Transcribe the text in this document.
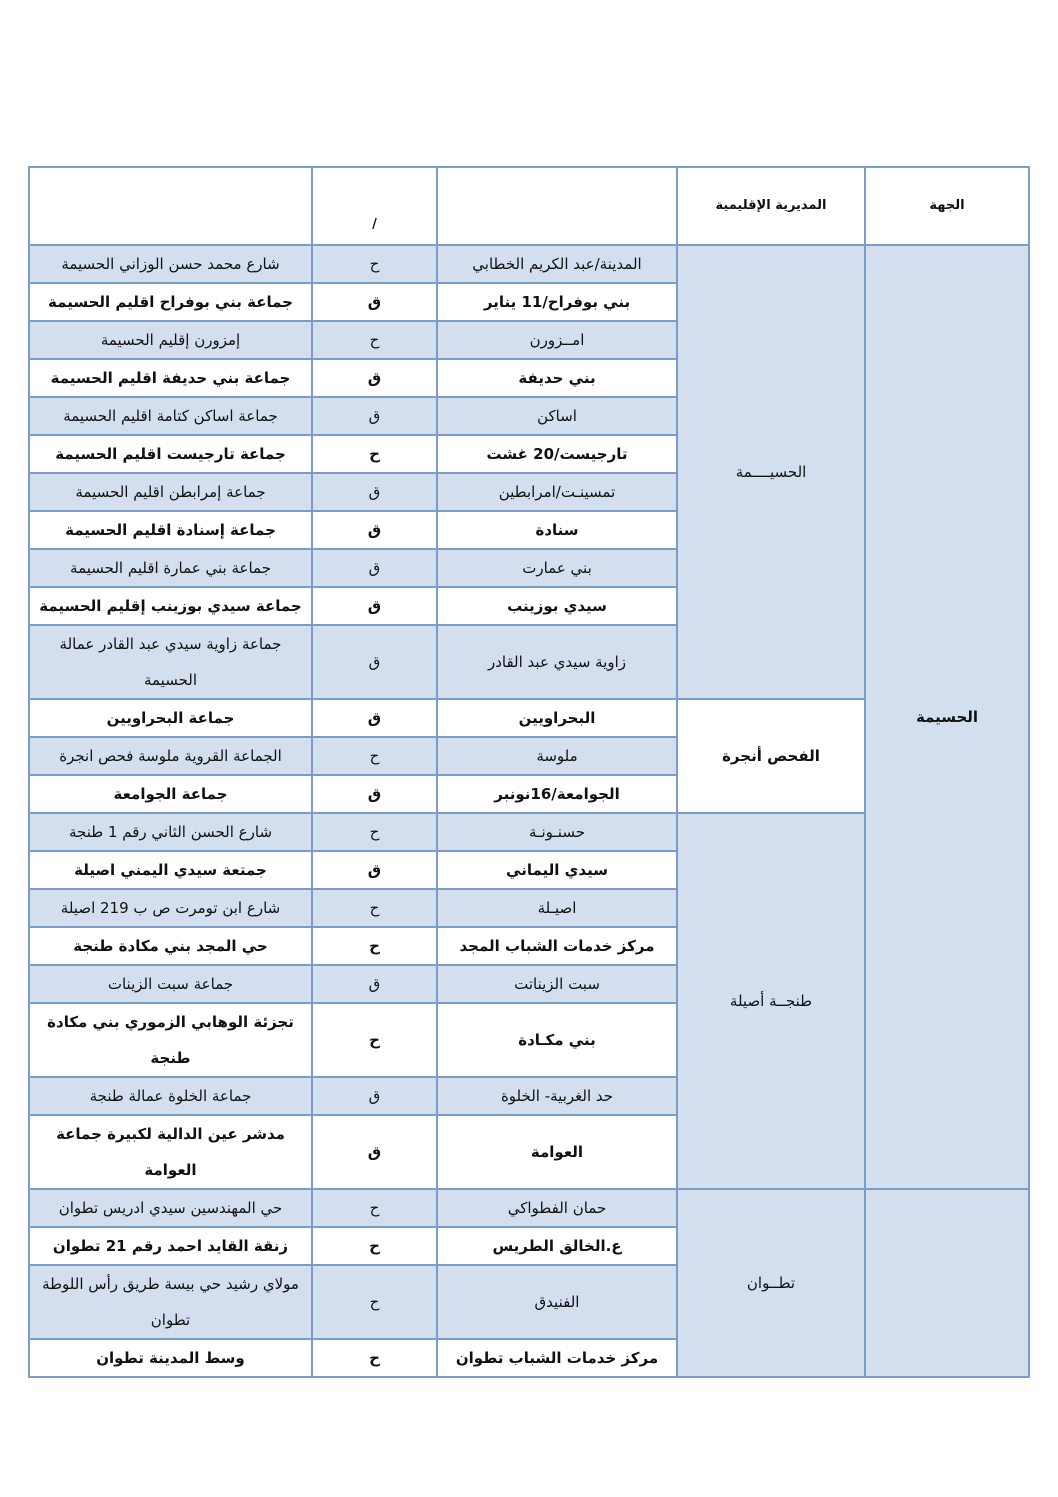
الجهة	المديرية الإقليمية		/	
الحسيمة	الحسيــــمة	المدينة/عبد الكريم الخطابي	ح	شارع محمد حسن الوزاني الحسيمة
		بني بوفراح/11 يناير	ق	جماعة بني بوفراح اقليم الحسيمة
		امــزورن	ح	إمزورن إقليم الحسيمة
		بني حديفة	ق	جماعة بني حديفة اقليم الحسيمة
		اساكن	ق	جماعة اساكن كتامة اقليم الحسيمة
		تارجيست/20 غشت	ح	جماعة تارجيست اقليم الحسيمة
		تمسينـت/امرابطين	ق	جماعة إمرابطن اقليم الحسيمة
		سنادة	ق	جماعة إسنادة اقليم الحسيمة
		بني عمارت	ق	جماعة بني عمارة اقليم الحسيمة
		سيدي بوزينب	ق	جماعة سيدي بوزينب إقليم الحسيمة
		زاوية سيدي عبد القادر	ق	جماعة زاوية سيدي عبد القادر عمالة الحسيمة
	الفحص أنجرة	البحراويين	ق	جماعة البحراويين
		ملوسة	ح	الجماعة القروية ملوسة فحص انجرة
		الجوامعة/16نونبر	ق	جماعة الجوامعة
	طنجــة أصيلة	حسنـونـة	ح	شارع الحسن الثاني رقم 1 طنجة
		سيدي اليماني	ق	جمتعة سيدي اليمني اصيلة
		اصيـلة	ح	شارع ابن تومرت ص ب 219 اصيلة
		مركز خدمات الشباب المجد	ح	حي المجد بني مكادة طنجة
		سبت الزيناتت	ق	جماعة سبت الزينات
		بني مكـادة	ح	تجزئة الوهابي الزموري بني مكادة طنجة
		حد الغربية- الخلوة	ق	جماعة الخلوة عمالة طنجة
		العوامة	ق	مدشر عين الدالية لكبيرة جماعة العوامة
	تطــوان	حمان الفطواكي	ح	حي المهندسين سيدي ادريس تطوان
		ع.الخالق الطريس	ح	زنقة القايد احمد رقم 21 تطوان
		الفنيدق	ح	مولاي رشيد حي بيسة طريق رأس اللوطة تطوان
		مركز خدمات الشباب تطوان	ح	وسط المدينة تطوان
